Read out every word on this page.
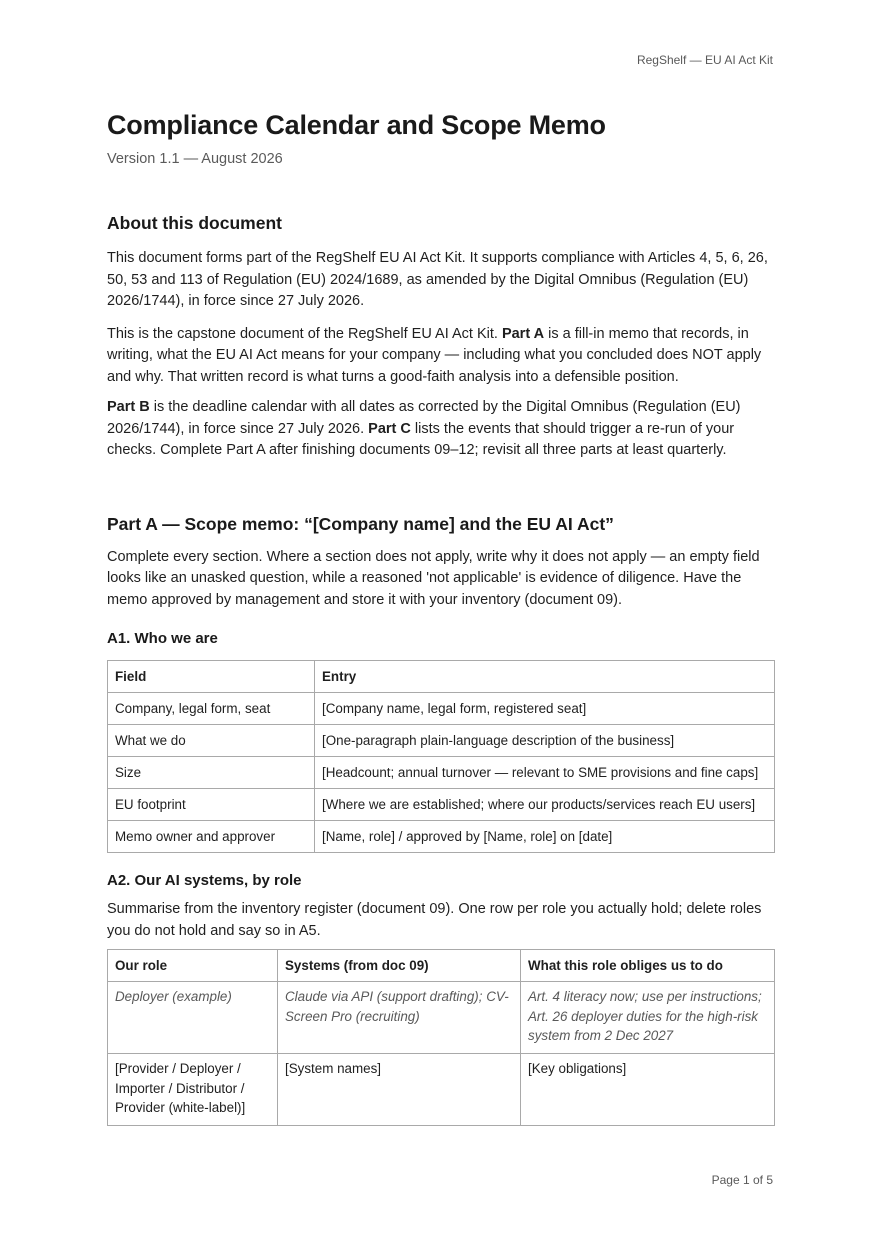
RegShelf — EU AI Act Kit
Compliance Calendar and Scope Memo
Version 1.1 — August 2026
About this document

This document forms part of the RegShelf EU AI Act Kit. It supports compliance with Articles 4, 5, 6, 26, 50, 53 and 113 of Regulation (EU) 2024/1689, as amended by the Digital Omnibus (Regulation (EU) 2026/1744), in force since 27 July 2026.

This is the capstone document of the RegShelf EU AI Act Kit. Part A is a fill-in memo that records, in writing, what the EU AI Act means for your company — including what you concluded does NOT apply and why. That written record is what turns a good-faith analysis into a defensible position.

Part B is the deadline calendar with all dates as corrected by the Digital Omnibus (Regulation (EU) 2026/1744), in force since 27 July 2026. Part C lists the events that should trigger a re-run of your checks. Complete Part A after finishing documents 09–12; revisit all three parts at least quarterly.

Part A — Scope memo: “[Company name] and the EU AI Act”

Complete every section. Where a section does not apply, write why it does not apply — an empty field looks like an unasked question, while a reasoned 'not applicable' is evidence of diligence. Have the memo approved by management and store it with your inventory (document 09).

A1. Who we are
Field	Entry
Company, legal form, seat	[Company name, legal form, registered seat]
What we do	[One-paragraph plain-language description of the business]
Size	[Headcount; annual turnover — relevant to SME provisions and fine caps]
EU footprint	[Where we are established; where our products/services reach EU users]
Memo owner and approver	[Name, role] / approved by [Name, role] on [date]
A2. Our AI systems, by role

Summarise from the inventory register (document 09). One row per role you actually hold; delete roles you do not hold and say so in A5.

Our role	Systems (from doc 09)	What this role obliges us to do
Deployer (example)	Claude via API (support drafting); CV-Screen Pro (recruiting)	Art. 4 literacy now; use per instructions; Art. 26 deployer duties for the high-risk system from 2 Dec 2027
[Provider / Deployer / Importer / Distributor / Provider (white-label)]	[System names]	[Key obligations]
Page 1 of 5
